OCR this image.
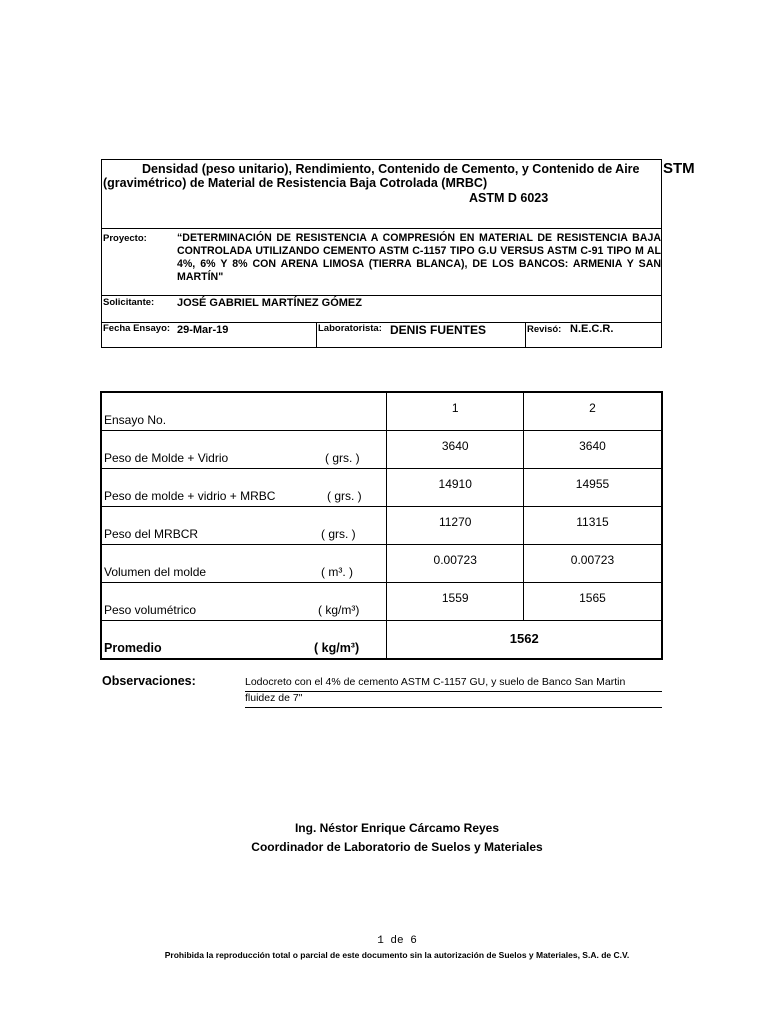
Densidad (peso unitario), Rendimiento, Contenido de Cemento, y Contenido de Aire
(gravimétrico) de Material de Resistencia Baja Cotrolada (MRBC)
ASTM D 6023
Proyecto:	“DETERMINACIÓN DE RESISTENCIA A COMPRESIÓN EN MATERIAL DE RESISTENCIA BAJA CONTROLADA UTILIZANDO CEMENTO ASTM C-1157 TIPO G.U VERSUS ASTM C-91 TIPO M AL 4%, 6% Y 8% CON ARENA LIMOSA (TIERRA BLANCA), DE LOS BANCOS: ARMENIA Y SAN MARTÍN"
Solicitante: JOSÉ GABRIEL MARTÍNEZ GÓMEZ
Fecha Ensayo: 29-Mar-19	Laboratorista: DENIS FUENTES	Revisó: N.E.C.R.
STM
Ensayo No.	1	2

Peso de Molde + Vidrio ( grs. )	3640	3640

Peso de molde + vidrio + MRBC ( grs. )	14910	14955

Peso del MRBCR ( grs. )	11270	11315

Volumen del molde ( m³. )	0.00723	0.00723

Peso volumétrico ( kg/m³)	1559	1565

Promedio ( kg/m³)	1562	
Observaciones:	Lodocreto con el 4% de cemento ASTM C-1157 GU, y suelo de Banco San Martin
fluidez de 7"
Ing. Néstor Enrique Cárcamo Reyes
Coordinador de Laboratorio de Suelos y Materiales
1 de 6
Prohibida la reproducción total o parcial de este documento sin la autorización de Suelos y Materiales, S.A. de C.V.
